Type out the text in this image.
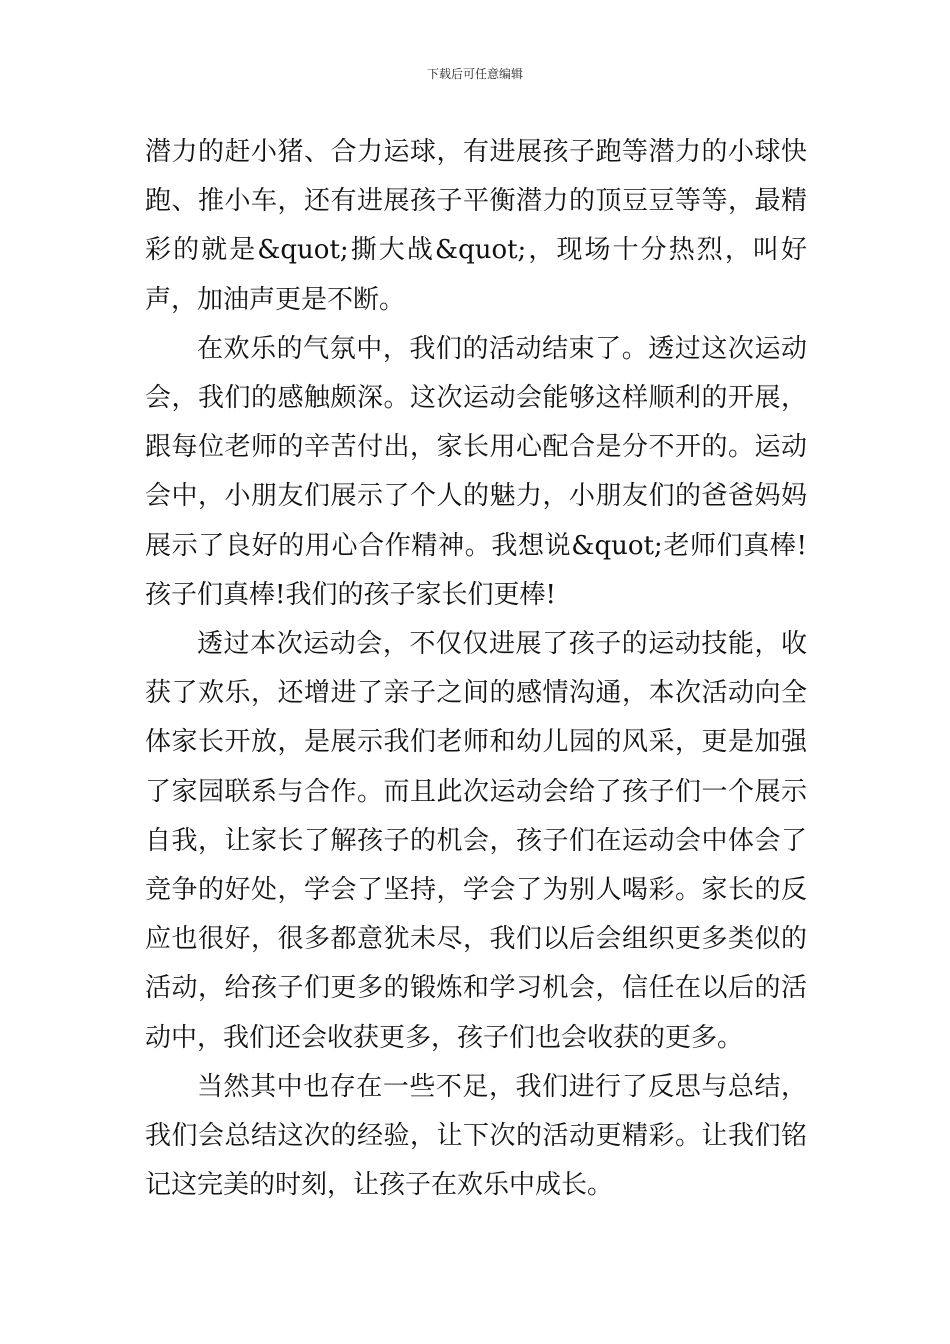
下载后可任意编辑

潜力的赶小猪、合力运球，有进展孩子跑等潜力的小球快跑、推小车，还有进展孩子平衡潜力的顶豆豆等等，最精彩的就是&quot;撕大战&quot;，现场十分热烈，叫好声，加油声更是不断。

在欢乐的气氛中，我们的活动结束了。透过这次运动会，我们的感触颇深。这次运动会能够这样顺利的开展，跟每位老师的辛苦付出，家长用心配合是分不开的。运动会中，小朋友们展示了个人的魅力，小朋友们的爸爸妈妈展示了良好的用心合作精神。我想说&quot;老师们真棒!孩子们真棒!我们的孩子家长们更棒!

透过本次运动会，不仅仅进展了孩子的运动技能，收获了欢乐，还增进了亲子之间的感情沟通，本次活动向全体家长开放，是展示我们老师和幼儿园的风采，更是加强了家园联系与合作。而且此次运动会给了孩子们一个展示自我，让家长了解孩子的机会，孩子们在运动会中体会了竞争的好处，学会了坚持，学会了为别人喝彩。家长的反应也很好，很多都意犹未尽，我们以后会组织更多类似的活动，给孩子们更多的锻炼和学习机会，信任在以后的活动中，我们还会收获更多，孩子们也会收获的更多。

当然其中也存在一些不足，我们进行了反思与总结，我们会总结这次的经验，让下次的活动更精彩。让我们铭记这完美的时刻，让孩子在欢乐中成长。
